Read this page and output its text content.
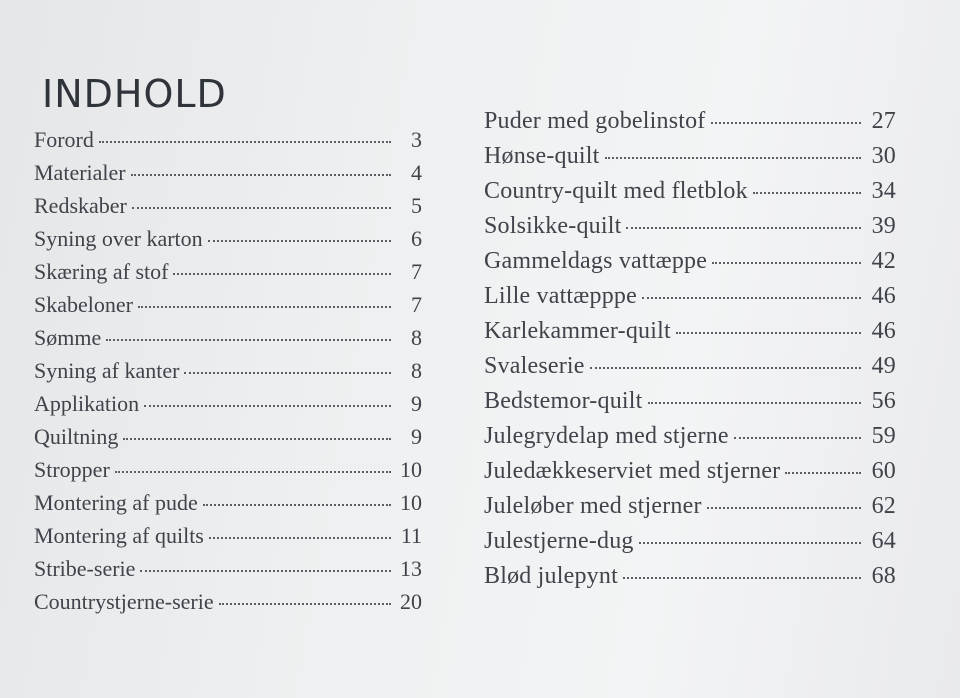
INDHOLD
Forord	3
Materialer	4
Redskaber	5
Syning over karton	6
Skæring af stof	7
Skabeloner	7
Sømme	8
Syning af kanter	8
Applikation	9
Quiltning	9
Stropper	10
Montering af pude	10
Montering af quilts	11
Stribe-serie	13
Countrystjerne-serie	20
Puder med gobelinstof	27
Hønse-quilt	30
Country-quilt med fletblok	34
Solsikke-quilt	39
Gammeldags vattæppe	42
Lille vattæpppe	46
Karlekammer-quilt	46
Svaleserie	49
Bedstemor-quilt	56
Julegrydelap med stjerne	59
Juledækkeserviet med stjerner	60
Juleløber med stjerner	62
Julestjerne-dug	64
Blød julepynt	68
